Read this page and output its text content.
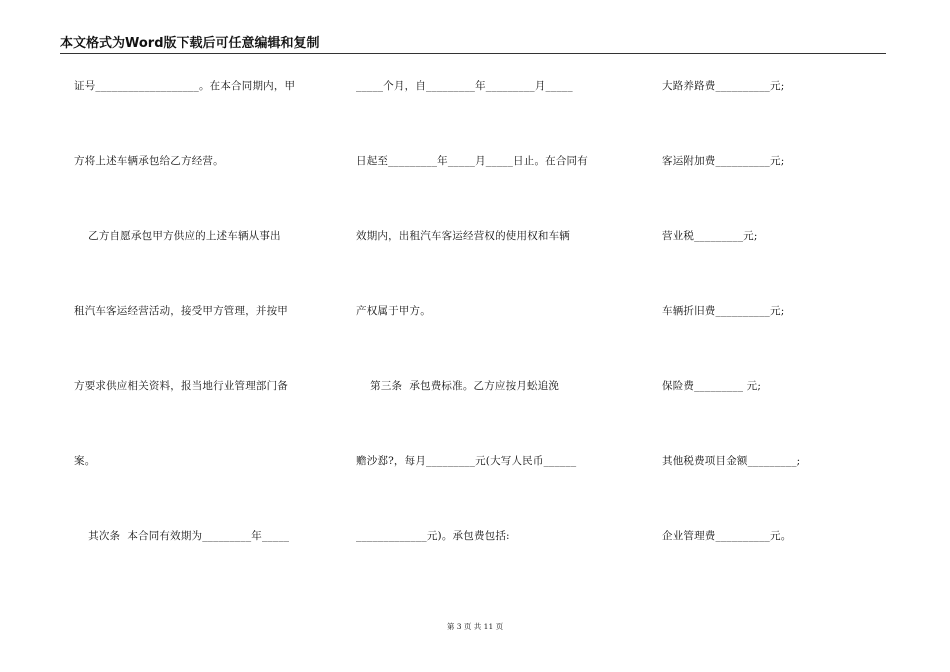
本文格式为Word版下载后可任意编辑和复制
证号___________________。在本合同期内，甲
方将上述车辆承包给乙方经营。
乙方自愿承包甲方供应的上述车辆从事出
租汽车客运经营活动，接受甲方管理，并按甲
方要求供应相关资料，报当地行业管理部门备
案。
其次条  本合同有效期为_________年_____
_____个月，自_________年_________月_____
日起至_________年_____月_____日止。在合同有
效期内，出租汽车客运经营权的使用权和车辆
产权属于甲方。
第三条  承包费标准。乙方应按月蚣追浼
赡沙郄?，每月_________元(大写人民币______
_____________元)。承包费包括:
大路养路费__________元;
客运附加费__________元;
营业税_________元;
车辆折旧费__________元;
保险费_________ 元;
其他税费项目金额_________;
企业管理费__________元。
第 3 页 共 11 页
